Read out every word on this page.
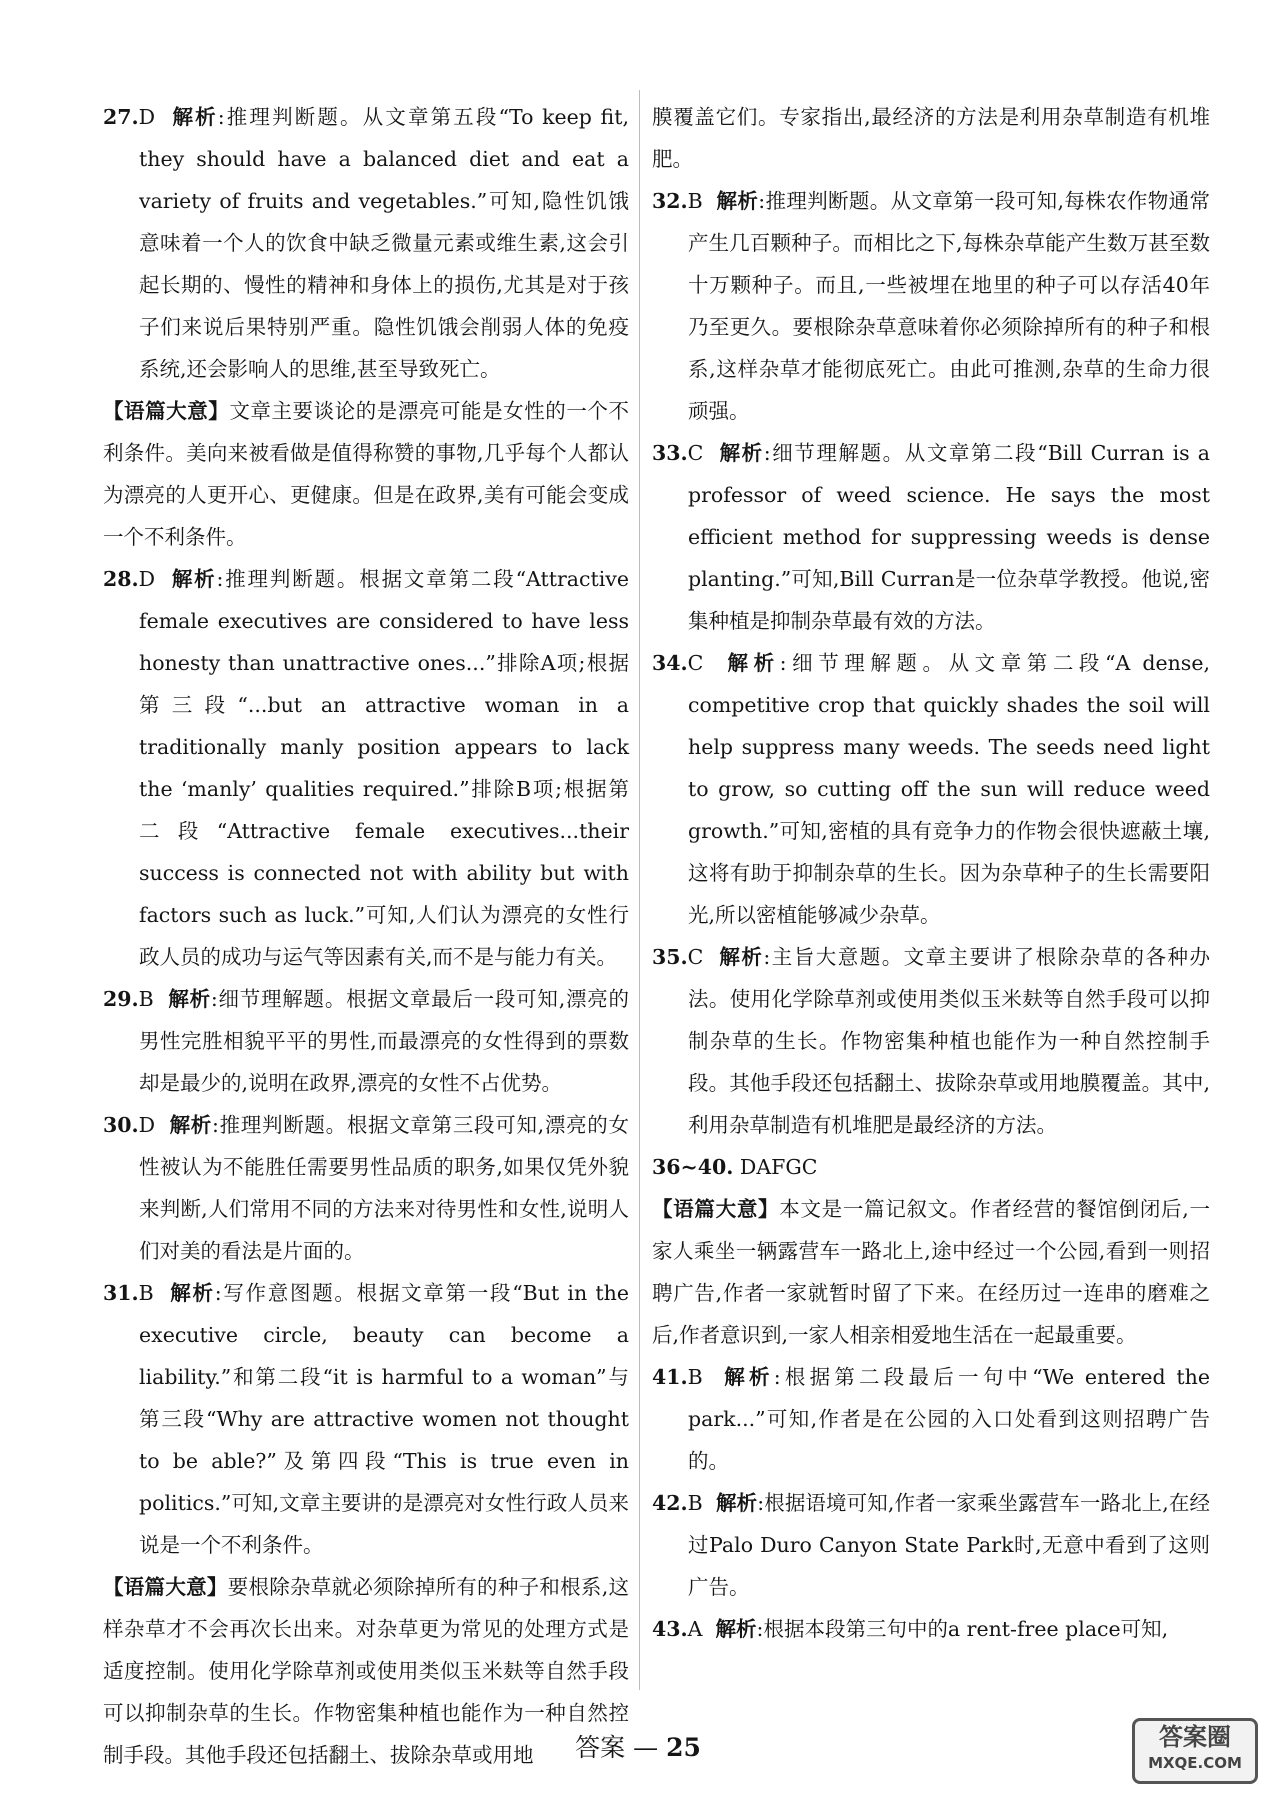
27.D 解析:推理判断题。从文章第五段“To keep fit, they should have a balanced diet and eat a variety of fruits and vegetables.”可知,隐性饥饿意味着一个人的饮食中缺乏微量元素或维生素,这会引起长期的、慢性的精神和身体上的损伤,尤其是对于孩子们来说后果特别严重。隐性饥饿会削弱人体的免疫系统,还会影响人的思维,甚至导致死亡。

【语篇大意】文章主要谈论的是漂亮可能是女性的一个不利条件。美向来被看做是值得称赞的事物,几乎每个人都认为漂亮的人更开心、更健康。但是在政界,美有可能会变成一个不利条件。

28.D 解析:推理判断题。根据文章第二段“Attractive female executives are considered to have less honesty than unattractive ones...”排除A项;根据第三段“...but an attractive woman in a traditionally manly position appears to lack the ‘manly’ qualities required.”排除B项;根据第二段“Attractive female executives...their success is connected not with ability but with factors such as luck.”可知,人们认为漂亮的女性行政人员的成功与运气等因素有关,而不是与能力有关。

29.B 解析:细节理解题。根据文章最后一段可知,漂亮的男性完胜相貌平平的男性,而最漂亮的女性得到的票数却是最少的,说明在政界,漂亮的女性不占优势。

30.D 解析:推理判断题。根据文章第三段可知,漂亮的女性被认为不能胜任需要男性品质的职务,如果仅凭外貌来判断,人们常用不同的方法来对待男性和女性,说明人们对美的看法是片面的。

31.B 解析:写作意图题。根据文章第一段“But in the executive circle, beauty can become a liability.”和第二段“it is harmful to a woman”与第三段“Why are attractive women not thought to be able?”及第四段“This is true even in politics.”可知,文章主要讲的是漂亮对女性行政人员来说是一个不利条件。

【语篇大意】要根除杂草就必须除掉所有的种子和根系,这样杂草才不会再次长出来。对杂草更为常见的处理方式是适度控制。使用化学除草剂或使用类似玉米麸等自然手段可以抑制杂草的生长。作物密集种植也能作为一种自然控制手段。其他手段还包括翻土、拔除杂草或用地

膜覆盖它们。专家指出,最经济的方法是利用杂草制造有机堆肥。

32.B 解析:推理判断题。从文章第一段可知,每株农作物通常产生几百颗种子。而相比之下,每株杂草能产生数万甚至数十万颗种子。而且,一些被埋在地里的种子可以存活40年乃至更久。要根除杂草意味着你必须除掉所有的种子和根系,这样杂草才能彻底死亡。由此可推测,杂草的生命力很顽强。

33.C 解析:细节理解题。从文章第二段“Bill Curran is a professor of weed science. He says the most efficient method for suppressing weeds is dense planting.”可知,Bill Curran是一位杂草学教授。他说,密集种植是抑制杂草最有效的方法。

34.C 解析:细节理解题。从文章第二段“A dense, competitive crop that quickly shades the soil will help suppress many weeds. The seeds need light to grow, so cutting off the sun will reduce weed growth.”可知,密植的具有竞争力的作物会很快遮蔽土壤,这将有助于抑制杂草的生长。因为杂草种子的生长需要阳光,所以密植能够减少杂草。

35.C 解析:主旨大意题。文章主要讲了根除杂草的各种办法。使用化学除草剂或使用类似玉米麸等自然手段可以抑制杂草的生长。作物密集种植也能作为一种自然控制手段。其他手段还包括翻土、拔除杂草或用地膜覆盖。其中,利用杂草制造有机堆肥是最经济的方法。

36~40. DAFGC

【语篇大意】本文是一篇记叙文。作者经营的餐馆倒闭后,一家人乘坐一辆露营车一路北上,途中经过一个公园,看到一则招聘广告,作者一家就暂时留了下来。在经历过一连串的磨难之后,作者意识到,一家人相亲相爱地生活在一起最重要。

41.B 解析:根据第二段最后一句中“We entered the park...”可知,作者是在公园的入口处看到这则招聘广告的。

42.B 解析:根据语境可知,作者一家乘坐露营车一路北上,在经过Palo Duro Canyon State Park时,无意中看到了这则广告。

43.A 解析:根据本段第三句中的a rent-free place可知,

答案 — 25	答案圈
MXQE.COM
